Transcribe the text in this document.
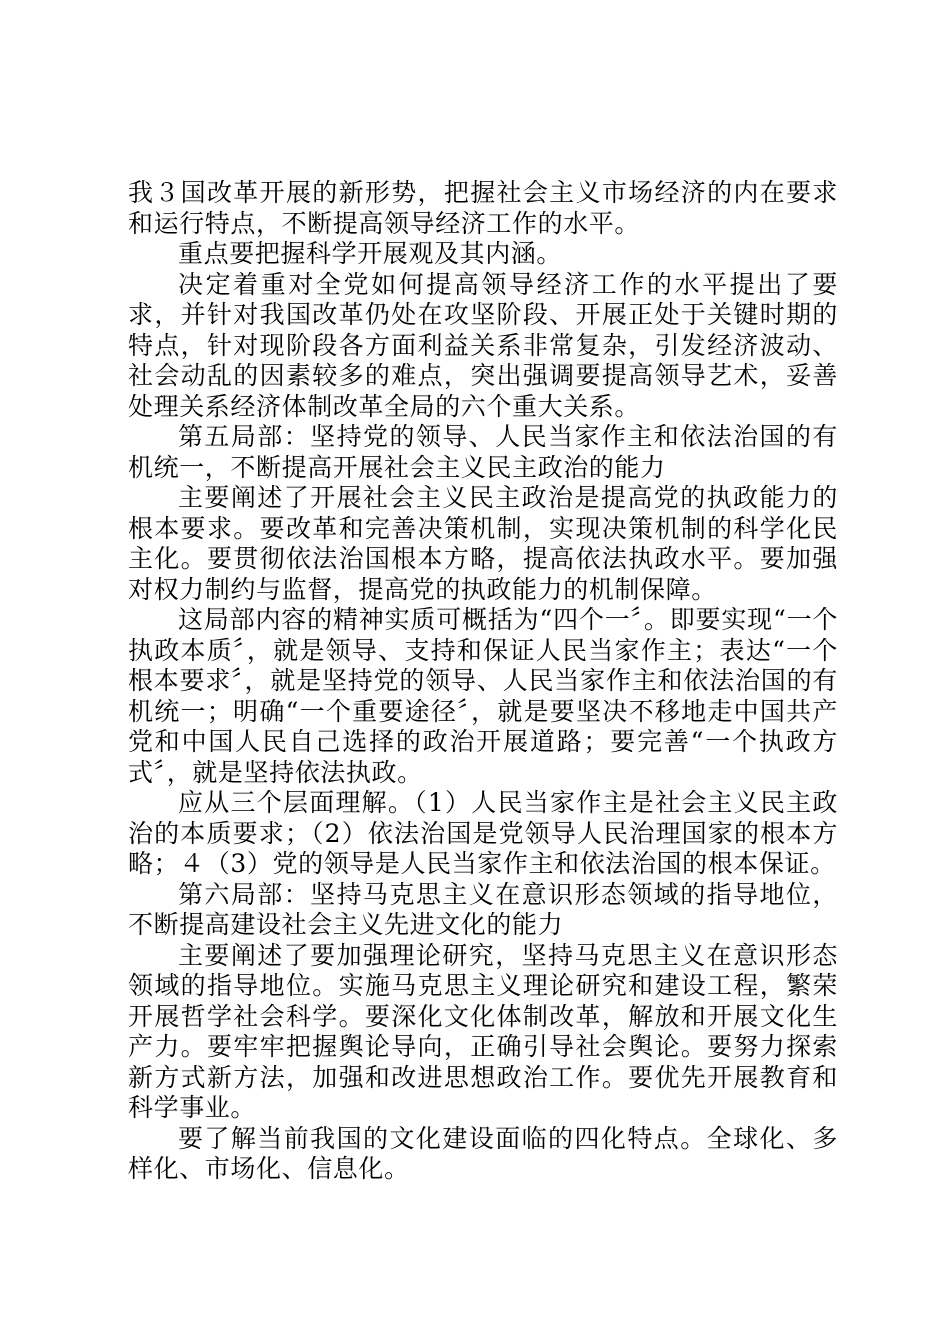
我３国改革开展的新形势，把握社会主义市场经济的内在要求和运行特点，不断提高领导经济工作的水平。

重点要把握科学开展观及其内涵。

决定着重对全党如何提高领导经济工作的水平提出了要求，并针对我国改革仍处在攻坚阶段、开展正处于关键时期的特点，针对现阶段各方面利益关系非常复杂，引发经济波动、社会动乱的因素较多的难点，突出强调要提高领导艺术，妥善处理关系经济体制改革全局的六个重大关系。

第五局部：坚持党的领导、人民当家作主和依法治国的有机统一，不断提高开展社会主义民主政治的能力

主要阐述了开展社会主义民主政治是提高党的执政能力的根本要求。要改革和完善决策机制，实现决策机制的科学化民主化。要贯彻依法治国根本方略，提高依法执政水平。要加强对权力制约与监督，提高党的执政能力的机制保障。

这局部内容的精神实质可概括为“四个一〞。即要实现“一个执政本质〞，就是领导、支持和保证人民当家作主；表达“一个根本要求〞，就是坚持党的领导、人民当家作主和依法治国的有机统一；明确“一个重要途径〞，就是要坚决不移地走中国共产党和中国人民自己选择的政治开展道路；要完善“一个执政方式〞，就是坚持依法执政。

应从三个层面理解。（1）人民当家作主是社会主义民主政治的本质要求；（2）依法治国是党领导人民治理国家的根本方略；４（3）党的领导是人民当家作主和依法治国的根本保证。

第六局部：坚持马克思主义在意识形态领域的指导地位，不断提高建设社会主义先进文化的能力

主要阐述了要加强理论研究，坚持马克思主义在意识形态领域的指导地位。实施马克思主义理论研究和建设工程，繁荣开展哲学社会科学。要深化文化体制改革，解放和开展文化生产力。要牢牢把握舆论导向，正确引导社会舆论。要努力探索新方式新方法，加强和改进思想政治工作。要优先开展教育和科学事业。

要了解当前我国的文化建设面临的四化特点。全球化、多样化、市场化、信息化。
